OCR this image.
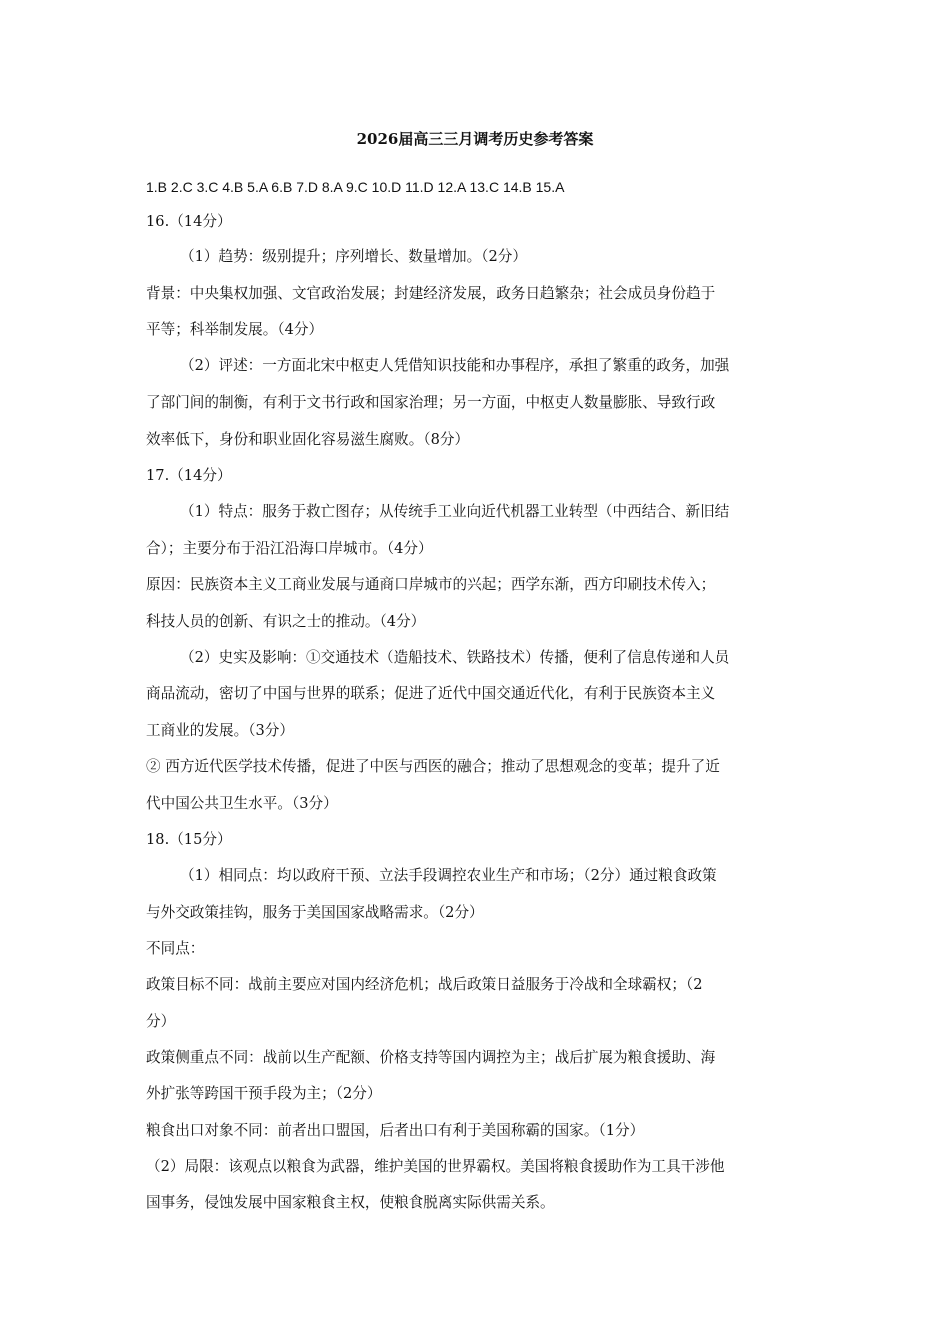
2026届高三三月调考历史参考答案
1.B 2.C 3.C 4.B 5.A 6.B 7.D 8.A 9.C 10.D 11.D 12.A 13.C 14.B 15.A
16.（14分）
（1）趋势：级别提升；序列增长、数量增加。（2分）
背景：中央集权加强、文官政治发展；封建经济发展，政务日趋繁杂；社会成员身份趋于
平等；科举制发展。（4分）
（2）评述：一方面北宋中枢吏人凭借知识技能和办事程序，承担了繁重的政务，加强
了部门间的制衡，有利于文书行政和国家治理；另一方面，中枢吏人数量膨胀、导致行政
效率低下，身份和职业固化容易滋生腐败。（8分）
17.（14分）
（1）特点：服务于救亡图存；从传统手工业向近代机器工业转型（中西结合、新旧结
合）；主要分布于沿江沿海口岸城市。（4分）
原因：民族资本主义工商业发展与通商口岸城市的兴起；西学东渐，西方印刷技术传入；
科技人员的创新、有识之士的推动。（4分）
（2）史实及影响：①交通技术（造船技术、铁路技术）传播，便利了信息传递和人员
商品流动，密切了中国与世界的联系；促进了近代中国交通近代化，有利于民族资本主义
工商业的发展。（3分）
② 西方近代医学技术传播，促进了中医与西医的融合；推动了思想观念的变革；提升了近
代中国公共卫生水平。（3分）
18.（15分）
（1）相同点：均以政府干预、立法手段调控农业生产和市场；（2分）通过粮食政策
与外交政策挂钩，服务于美国国家战略需求。（2分）
不同点：
政策目标不同：战前主要应对国内经济危机；战后政策日益服务于冷战和全球霸权；（2
分）
政策侧重点不同：战前以生产配额、价格支持等国内调控为主；战后扩展为粮食援助、海
外扩张等跨国干预手段为主；（2分）
粮食出口对象不同：前者出口盟国，后者出口有利于美国称霸的国家。（1分）
（2）局限：该观点以粮食为武器，维护美国的世界霸权。美国将粮食援助作为工具干涉他
国事务，侵蚀发展中国家粮食主权，使粮食脱离实际供需关系。
